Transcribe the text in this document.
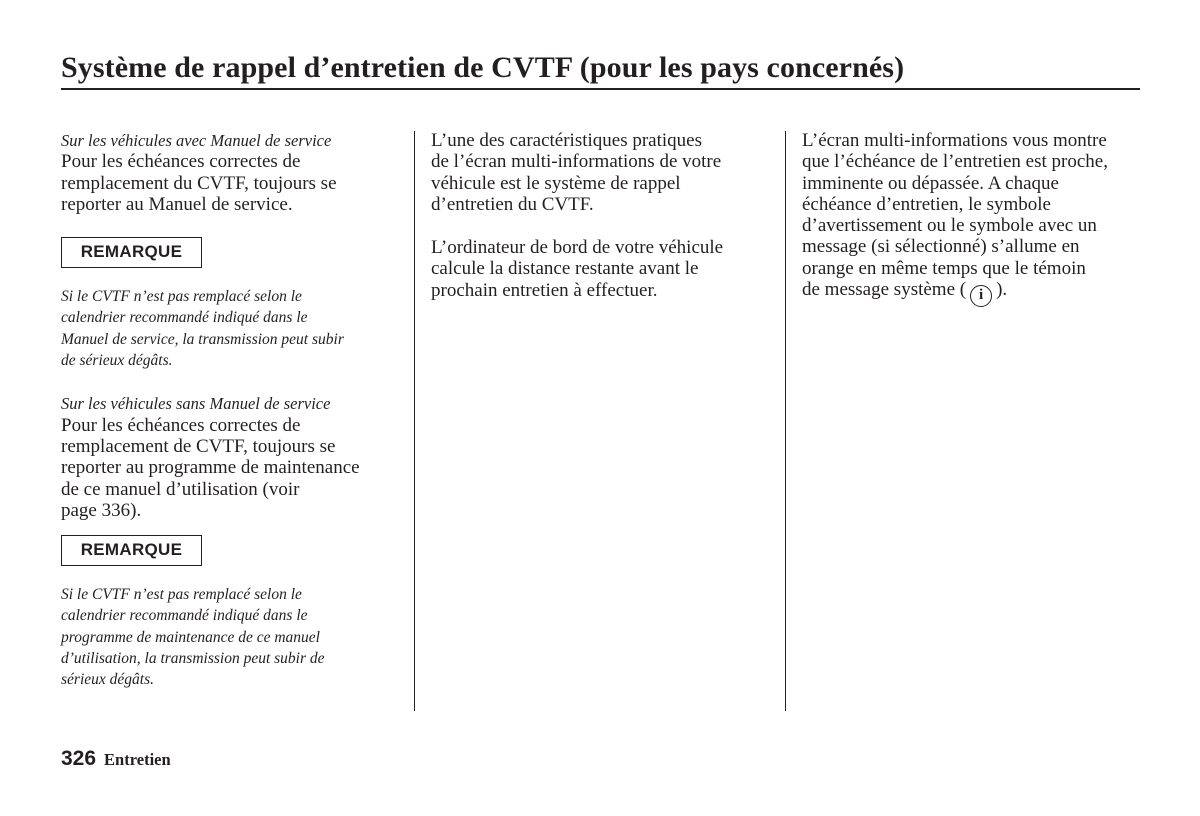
Système de rappel d’entretien de CVTF (pour les pays concernés)

Sur les véhicules avec Manuel de service

Pour les échéances correctes de
remplacement du CVTF, toujours se
reporter au Manuel de service.

REMARQUE

Si le CVTF n’est pas remplacé selon le
calendrier recommandé indiqué dans le
Manuel de service, la transmission peut subir
de sérieux dégâts.

Sur les véhicules sans Manuel de service

Pour les échéances correctes de
remplacement de CVTF, toujours se
reporter au programme de maintenance
de ce manuel d’utilisation (voir
page 336).

REMARQUE

Si le CVTF n’est pas remplacé selon le
calendrier recommandé indiqué dans le
programme de maintenance de ce manuel
d’utilisation, la transmission peut subir de
sérieux dégâts.

L’une des caractéristiques pratiques
de l’écran multi-informations de votre
véhicule est le système de rappel
d’entretien du CVTF.

L’ordinateur de bord de votre véhicule
calcule la distance restante avant le
prochain entretien à effectuer.

L’écran multi-informations vous montre
que l’échéance de l’entretien est proche,
imminente ou dépassée. A chaque
échéance d’entretien, le symbole
d’avertissement ou le symbole avec un
message (si sélectionné) s’allume en
orange en même temps que le témoin
de message système ( i ).

326 Entretien
